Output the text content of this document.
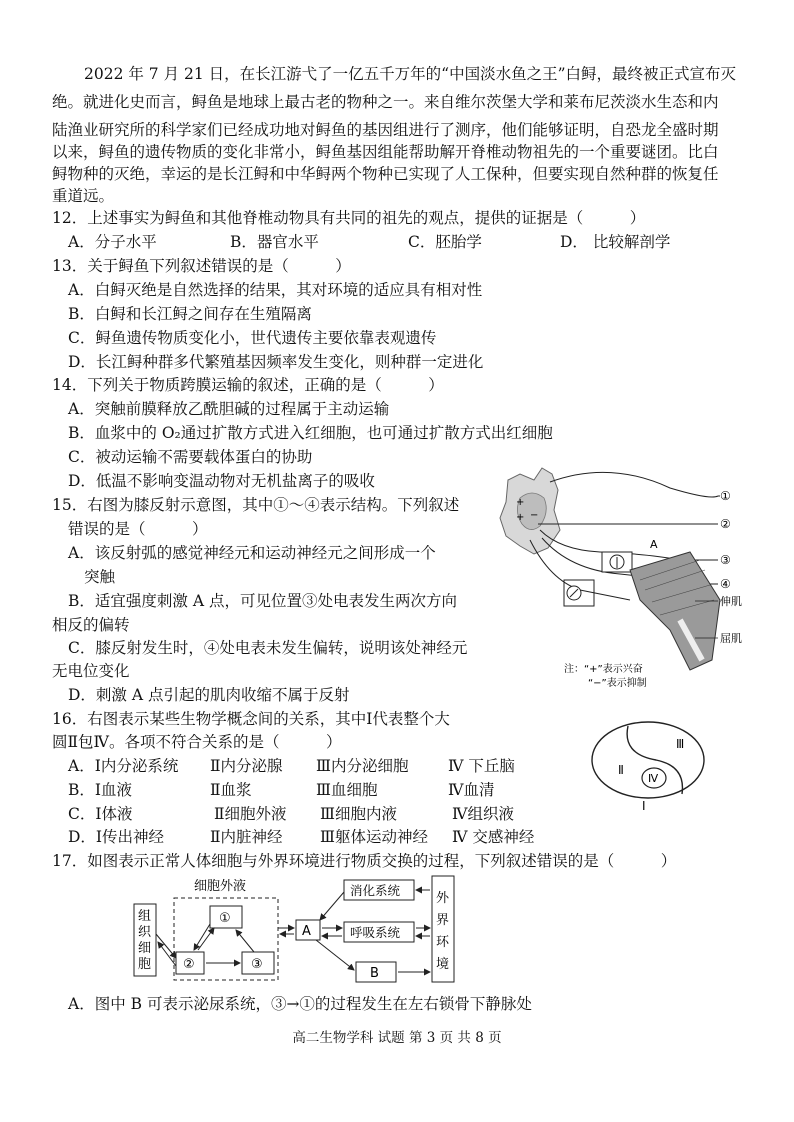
2022 年 7 月 21 日，在长江游弋了一亿五千万年的“中国淡水鱼之王”白鲟，最终被正式宣布灭
绝。就进化史而言，鲟鱼是地球上最古老的物种之一。来自维尔茨堡大学和莱布尼茨淡水生态和内
陆渔业研究所的科学家们已经成功地对鲟鱼的基因组进行了测序，他们能够证明，自恐龙全盛时期
以来，鲟鱼的遗传物质的变化非常小，鲟鱼基因组能帮助解开脊椎动物祖先的一个重要谜团。比白
鲟物种的灭绝，幸运的是长江鲟和中华鲟两个物种已实现了人工保种，但要实现自然种群的恢复任
重道远。
12．上述事实为鲟鱼和其他脊椎动物具有共同的祖先的观点，提供的证据是（　　　）
A．分子水平	B．器官水平	C．胚胎学	D． 比较解剖学
13．关于鲟鱼下列叙述错误的是（　　　）
A．白鲟灭绝是自然选择的结果，其对环境的适应具有相对性
B．白鲟和长江鲟之间存在生殖隔离
C．鲟鱼遗传物质变化小，世代遗传主要依靠表观遗传
D．长江鲟种群多代繁殖基因频率发生变化，则种群一定进化
14．下列关于物质跨膜运输的叙述，正确的是（　　　）
A．突触前膜释放乙酰胆碱的过程属于主动运输
B．血浆中的 O₂通过扩散方式进入红细胞，也可通过扩散方式出红细胞
C．被动运输不需要载体蛋白的协助
D．低温不影响变温动物对无机盐离子的吸收
15．右图为膝反射示意图，其中①～④表示结构。下列叙述
错误的是（　　　）
A．该反射弧的感觉神经元和运动神经元之间形成一个
突触
B．适宜强度刺激 A 点，可见位置③处电表发生两次方向
相反的偏转
C．膝反射发生时，④处电表未发生偏转，说明该处神经元
无电位变化
D．刺激 A 点引起的肌肉收缩不属于反射
+
+ −
A
①
②
③
④
伸肌
屈肌
注：“+”表示兴奋
“−”表示抑制
16．右图表示某些生物学概念间的关系，其中Ⅰ代表整个大
圆Ⅱ包Ⅳ。各项不符合关系的是（　　　）
A．Ⅰ内分泌系统 Ⅱ内分泌腺 Ⅲ内分泌细胞	Ⅳ 下丘脑
B．Ⅰ血液	Ⅱ血浆	Ⅲ血细胞	Ⅳ血清
C．Ⅰ体液	Ⅱ细胞外液 Ⅲ细胞内液	Ⅳ组织液
D．Ⅰ传出神经	Ⅱ内脏神经 Ⅲ躯体运动神经 Ⅳ 交感神经
Ⅳ
Ⅲ
Ⅱ
Ⅰ
17．如图表示正常人体细胞与外界环境进行物质交换的过程，下列叙述错误的是（　　　）
细胞外液
组
织
细
胞
①
②	③
A
消化系统
呼吸系统
B
外
界
环
境
A．图中 B 可表示泌尿系统，③→①的过程发生在左右锁骨下静脉处
高二生物学科 试题 第 3 页 共 8 页
